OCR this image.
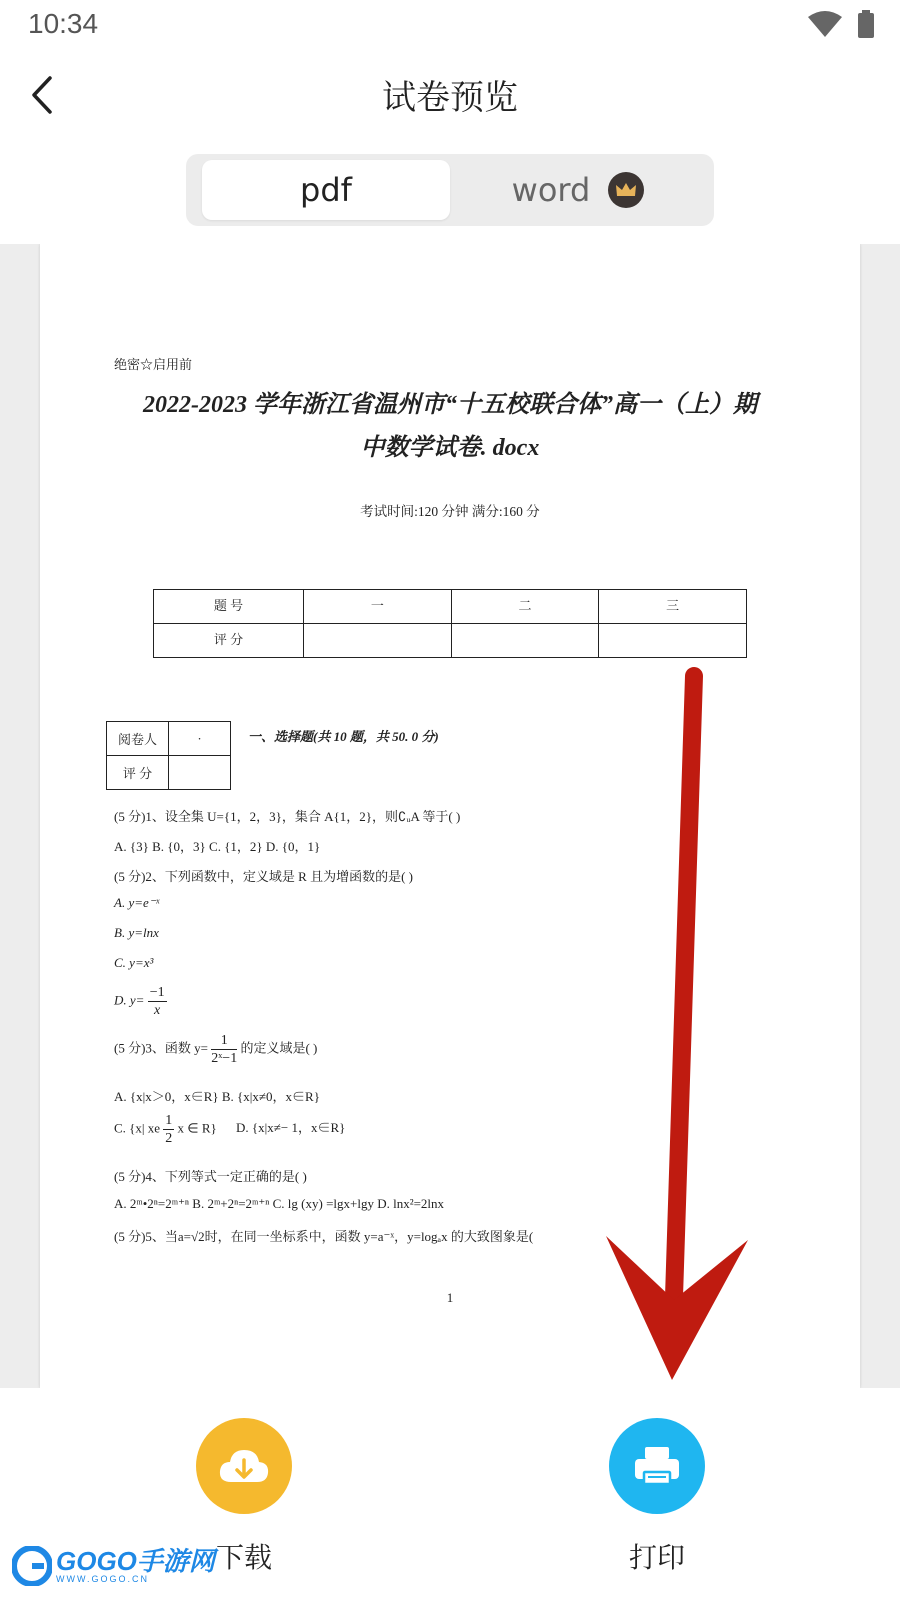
10:34
试卷预览
pdf	word
绝密☆启用前
2022-2023 学年浙江省温州市“十五校联合体”高一（上）期
中数学试卷. docx
考试时间:120 分钟 满分:160 分
题 号	一	二	三
评 分			
阅卷人	·
评 分	
一、选择题(共 10 题，共 50. 0 分)
(5 分)1、设全集 U={1，2，3}，集合 A{1，2}，则∁ᵤA 等于( )
A. {3} B. {0，3} C. {1，2} D. {0，1}
(5 分)2、下列函数中，定义域是 R 且为增函数的是( )
A. y=e⁻ˣ
B. y=lnx
C. y=x³
D. $y= \frac{-1}{x}$
(5 分)3、函数 $y= \frac{1}{\text{2ˣ−1}}$ 的定义域是( )
A. {x|x＞0，x∈R} B. {x|x≠0，x∈R}
C. {x| xe $\frac{1}{2}$ x ∈ R} D. {x|x≠− 1，x∈R}
(5 分)4、下列等式一定正确的是( )
A. 2ᵐ•2ⁿ=2ᵐ⁺ⁿ B. 2ᵐ+2ⁿ=2ᵐ⁺ⁿ C. lg (xy) =lgx+lgy D. lnx²=2lnx
(5 分)5、当a=√2时，在同一坐标系中，函数 y=a⁻ˣ，y=logₐx 的大致图象是(
1
下载	打印
GOGO手游网
WWW.GOGO.CN
